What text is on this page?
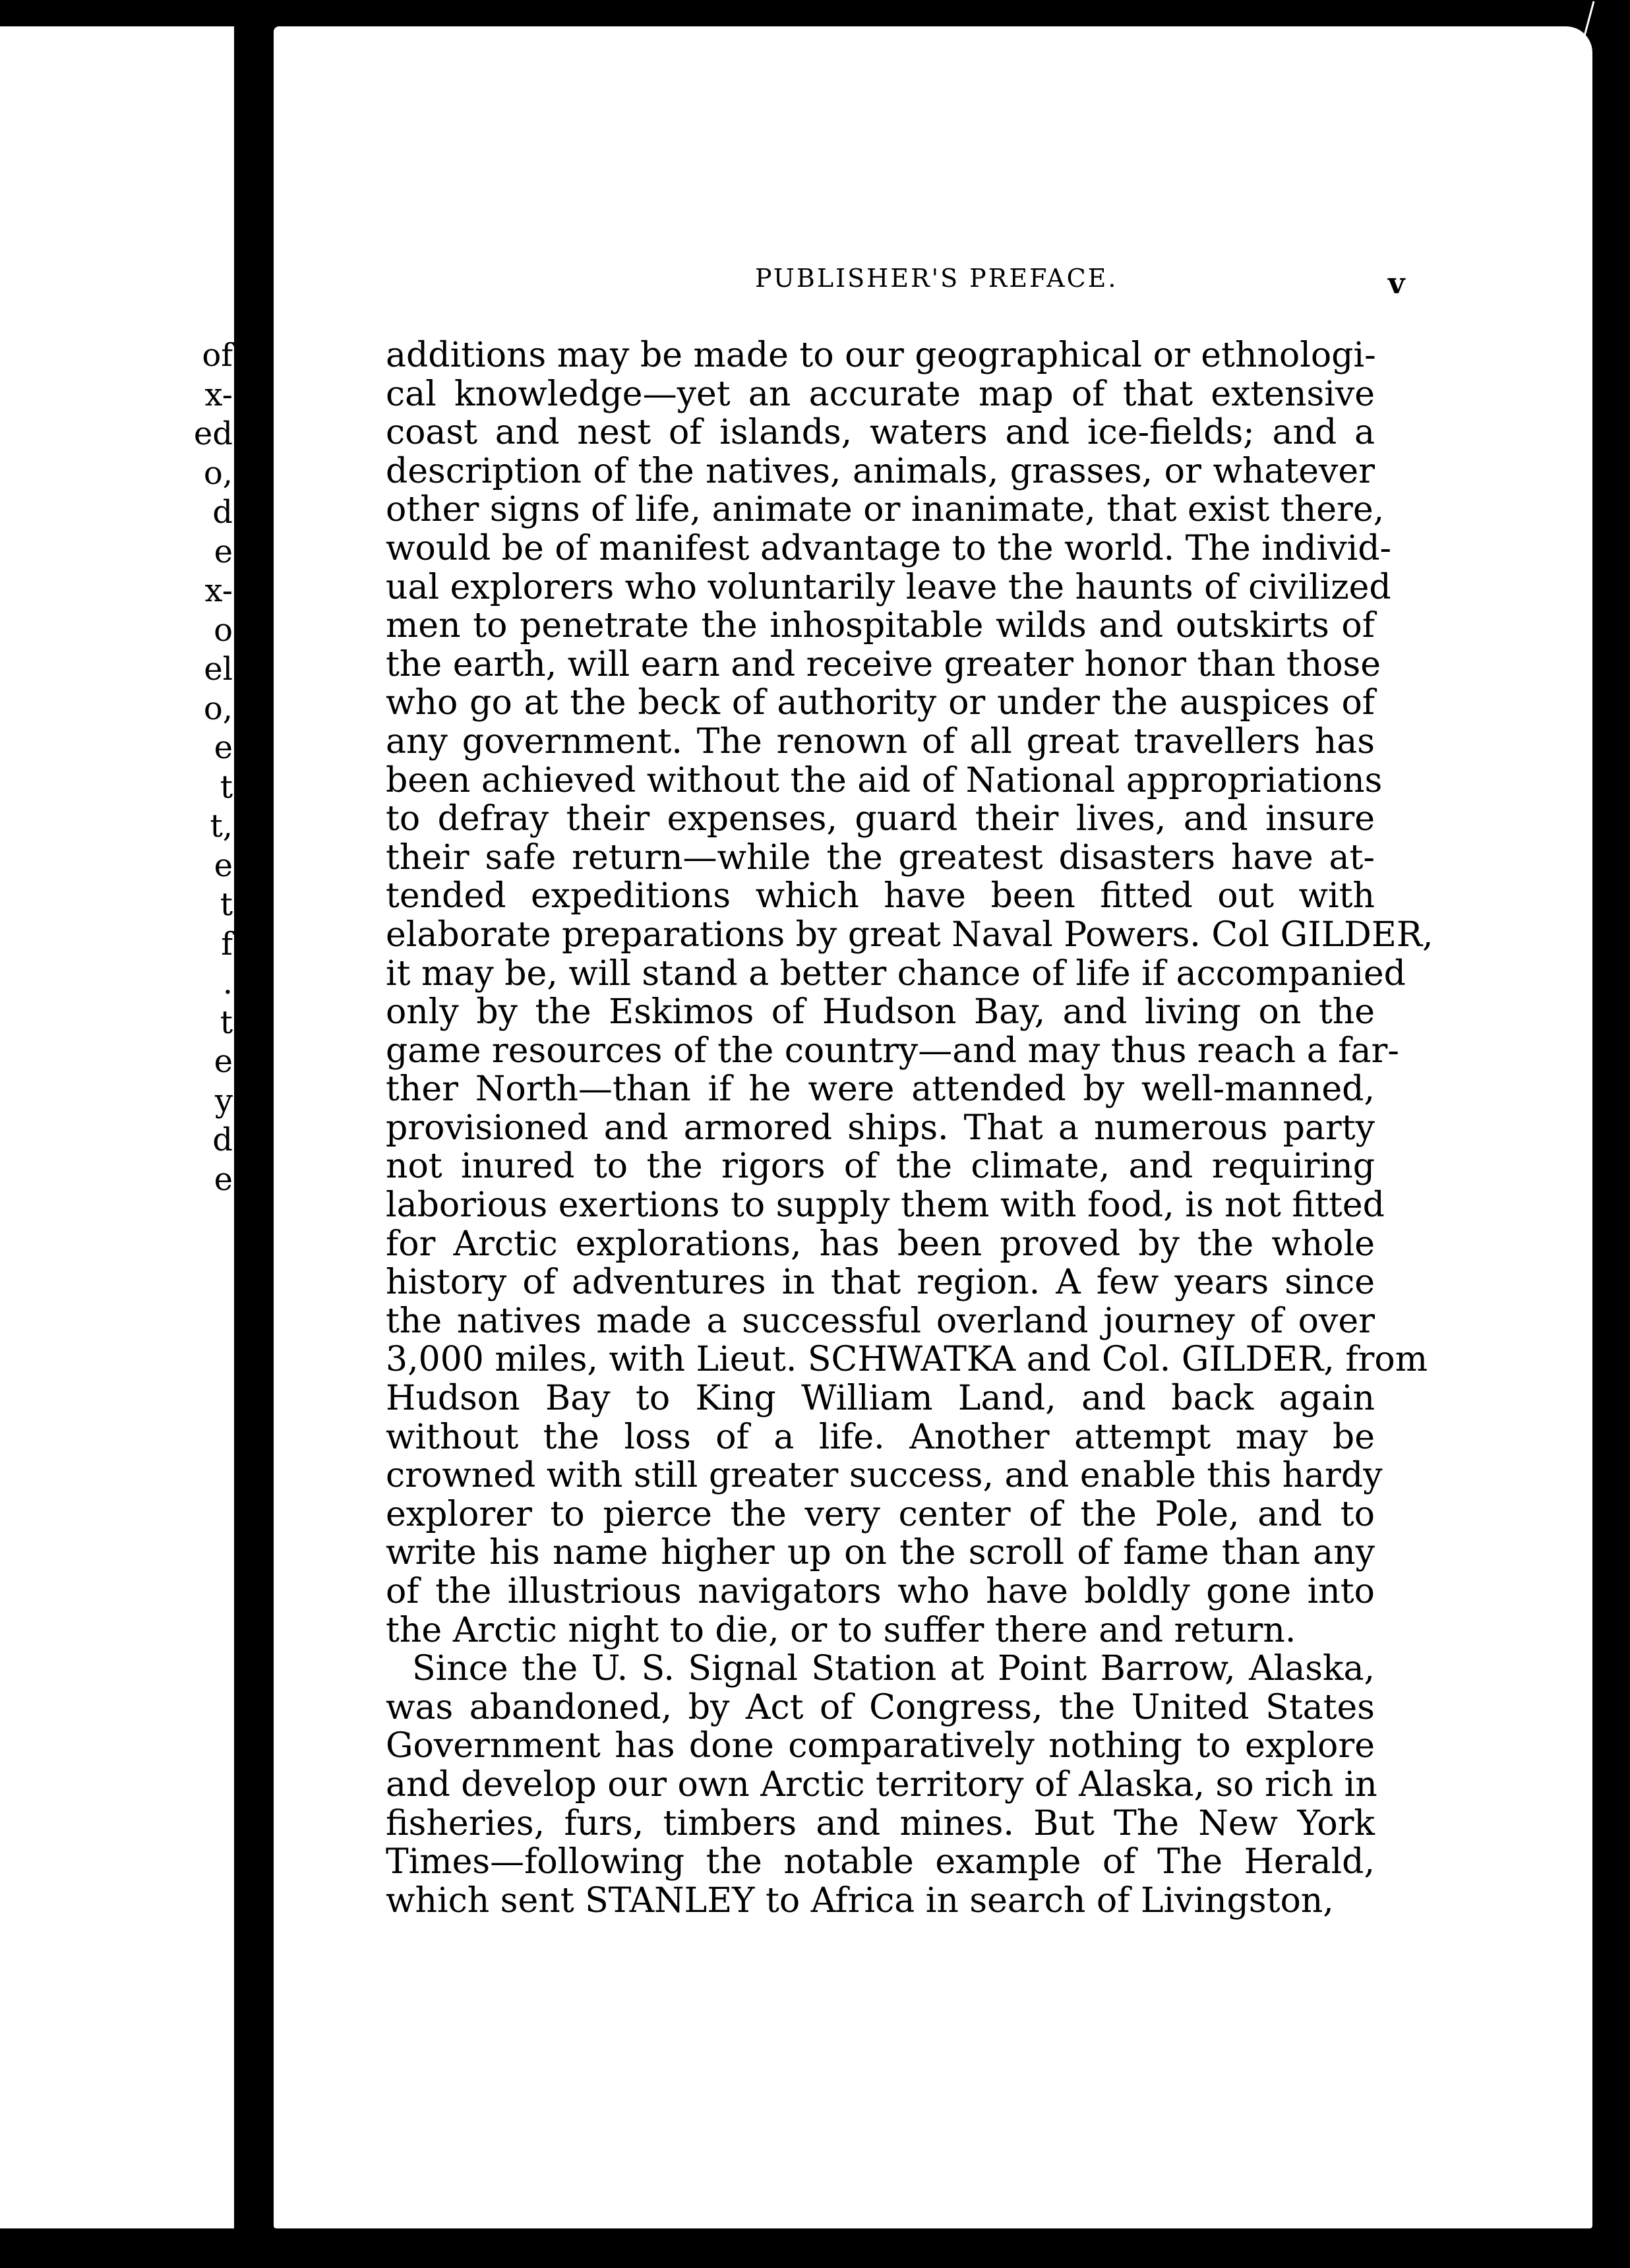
of
x-
ed
o,
d
e
x-
o
el
o,
e
t
t,
e
t
f
.
t
e
y
d
e
PUBLISHER'S PREFACE.	v
additions may be made to our geographical or ethnologi-
cal knowledge—yet an accurate map of that extensive
coast and nest of islands, waters and ice-fields; and a
description of the natives, animals, grasses, or whatever
other signs of life, animate or inanimate, that exist there,
would be of manifest advantage to the world. The individ-
ual explorers who voluntarily leave the haunts of civilized
men to penetrate the inhospitable wilds and outskirts of
the earth, will earn and receive greater honor than those
who go at the beck of authority or under the auspices of
any government. The renown of all great travellers has
been achieved without the aid of National appropriations
to defray their expenses, guard their lives, and insure
their safe return—while the greatest disasters have at-
tended expeditions which have been fitted out with
elaborate preparations by great Naval Powers. Col GILDER,
it may be, will stand a better chance of life if accompanied
only by the Eskimos of Hudson Bay, and living on the
game resources of the country—and may thus reach a far-
ther North—than if he were attended by well-manned,
provisioned and armored ships. That a numerous party
not inured to the rigors of the climate, and requiring
laborious exertions to supply them with food, is not fitted
for Arctic explorations, has been proved by the whole
history of adventures in that region. A few years since
the natives made a successful overland journey of over
3,000 miles, with Lieut. SCHWATKA and Col. GILDER, from
Hudson Bay to King William Land, and back again
without the loss of a life. Another attempt may be
crowned with still greater success, and enable this hardy
explorer to pierce the very center of the Pole, and to
write his name higher up on the scroll of fame than any
of the illustrious navigators who have boldly gone into
the Arctic night to die, or to suffer there and return.
Since the U. S. Signal Station at Point Barrow, Alaska,
was abandoned, by Act of Congress, the United States
Government has done comparatively nothing to explore
and develop our own Arctic territory of Alaska, so rich in
fisheries, furs, timbers and mines. But The New York
Times—following the notable example of The Herald,
which sent STANLEY to Africa in search of Livingston,
